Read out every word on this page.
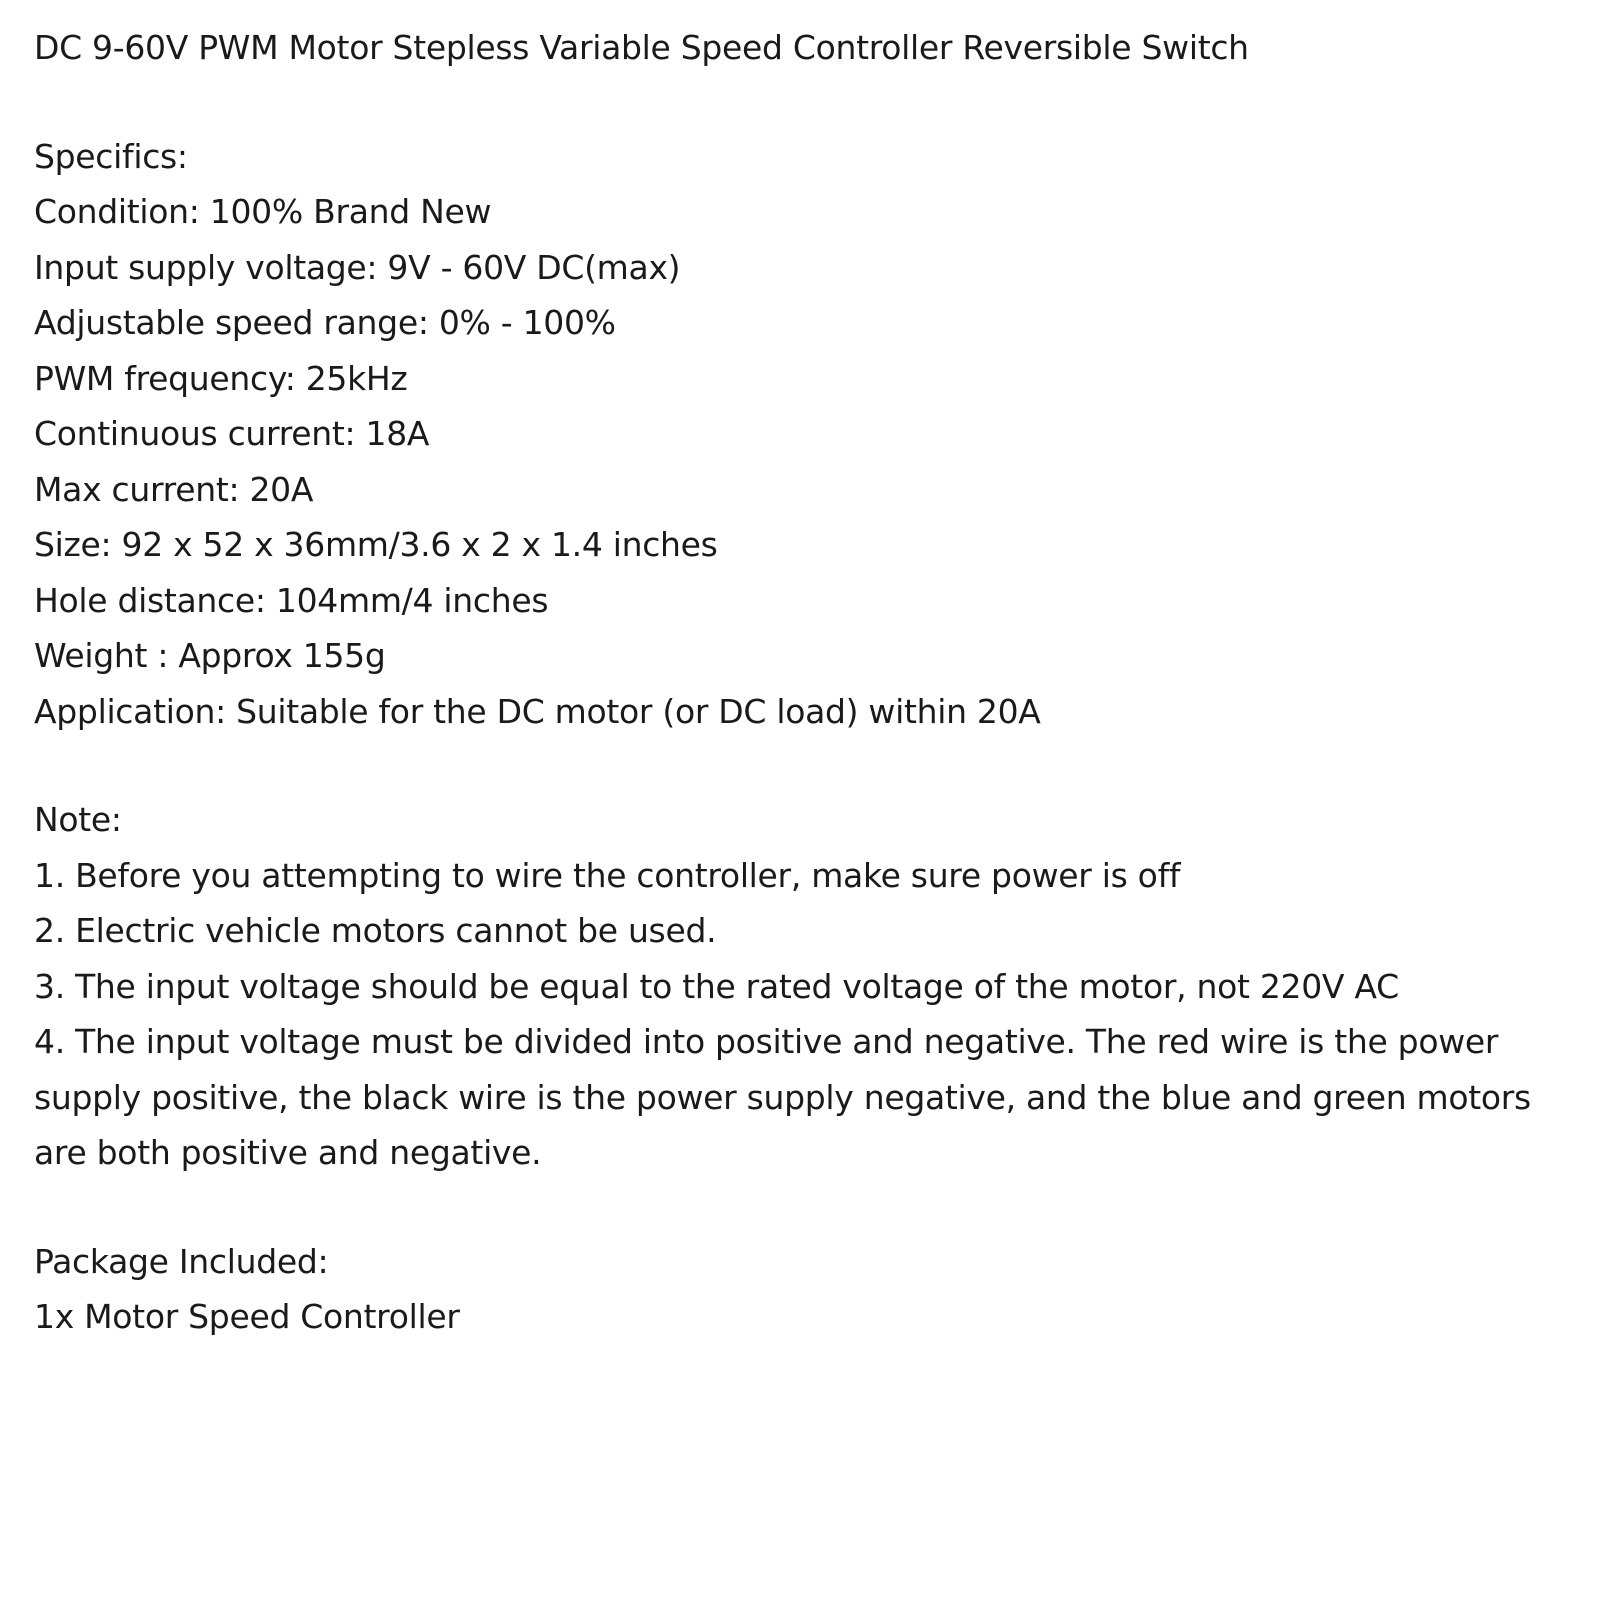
DC 9-60V PWM Motor Stepless Variable Speed Controller Reversible Switch
Specifics:
Condition: 100% Brand New
Input supply voltage: 9V - 60V DC(max)
Adjustable speed range: 0% - 100%
PWM frequency: 25kHz
Continuous current: 18A
Max current: 20A
Size: 92 x 52 x 36mm/3.6 x 2 x 1.4 inches
Hole distance: 104mm/4 inches
Weight : Approx 155g
Application: Suitable for the DC motor (or DC load) within 20A
Note:
1. Before you attempting to wire the controller, make sure power is off
2. Electric vehicle motors cannot be used.
3. The input voltage should be equal to the rated voltage of the motor, not 220V AC
4. The input voltage must be divided into positive and negative. The red wire is the power supply positive, the black wire is the power supply negative, and the blue and green motors are both positive and negative.
Package Included:
1x Motor Speed Controller
